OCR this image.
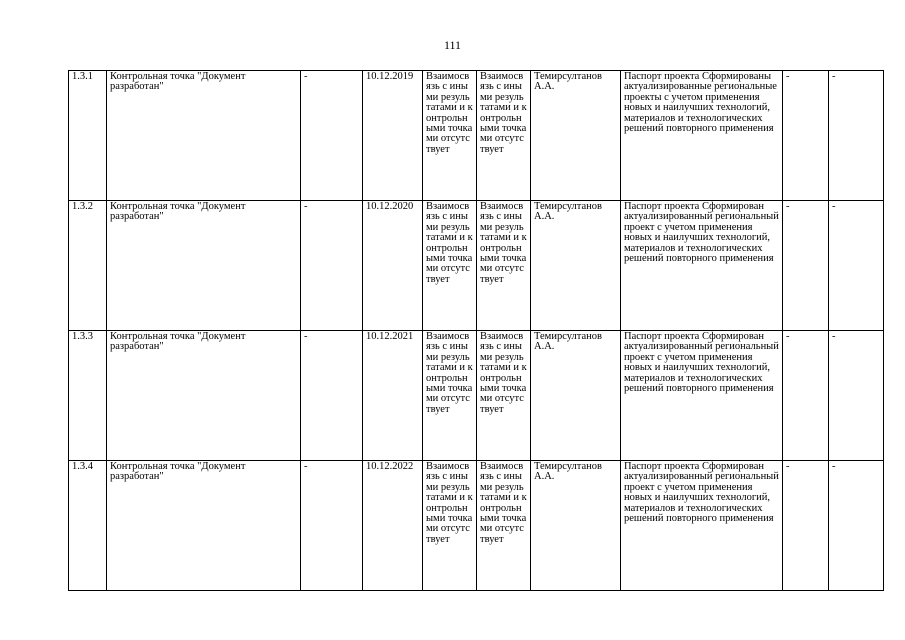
111
1.3.1	Контрольная точка "Документ разработан"	-	10.12.2019	Взаимосвязь с иными результатами и контрольными точками отсутствует	Взаимосвязь с иными результатами и контрольными точками отсутствует	Темирсултанов А.А.	Паспорт проекта Сформированы актуализированные региональные проекты с учетом применения новых и наилучших технологий, материалов и технологических решений повторного применения	-	-
1.3.2	Контрольная точка "Документ разработан"	-	10.12.2020	Взаимосвязь с иными результатами и контрольными точками отсутствует	Взаимосвязь с иными результатами и контрольными точками отсутствует	Темирсултанов А.А.	Паспорт проекта Сформирован актуализированный региональный проект с учетом применения новых и наилучших технологий, материалов и технологических решений повторного применения	-	-
1.3.3	Контрольная точка "Документ разработан"	-	10.12.2021	Взаимосвязь с иными результатами и контрольными точками отсутствует	Взаимосвязь с иными результатами и контрольными точками отсутствует	Темирсултанов А.А.	Паспорт проекта Сформирован актуализированный региональный проект с учетом применения новых и наилучших технологий, материалов и технологических решений повторного применения	-	-
1.3.4	Контрольная точка "Документ разработан"	-	10.12.2022	Взаимосвязь с иными результатами и контрольными точками отсутствует	Взаимосвязь с иными результатами и контрольными точками отсутствует	Темирсултанов А.А.	Паспорт проекта Сформирован актуализированный региональный проект с учетом применения новых и наилучших технологий, материалов и технологических решений повторного применения	-	-
